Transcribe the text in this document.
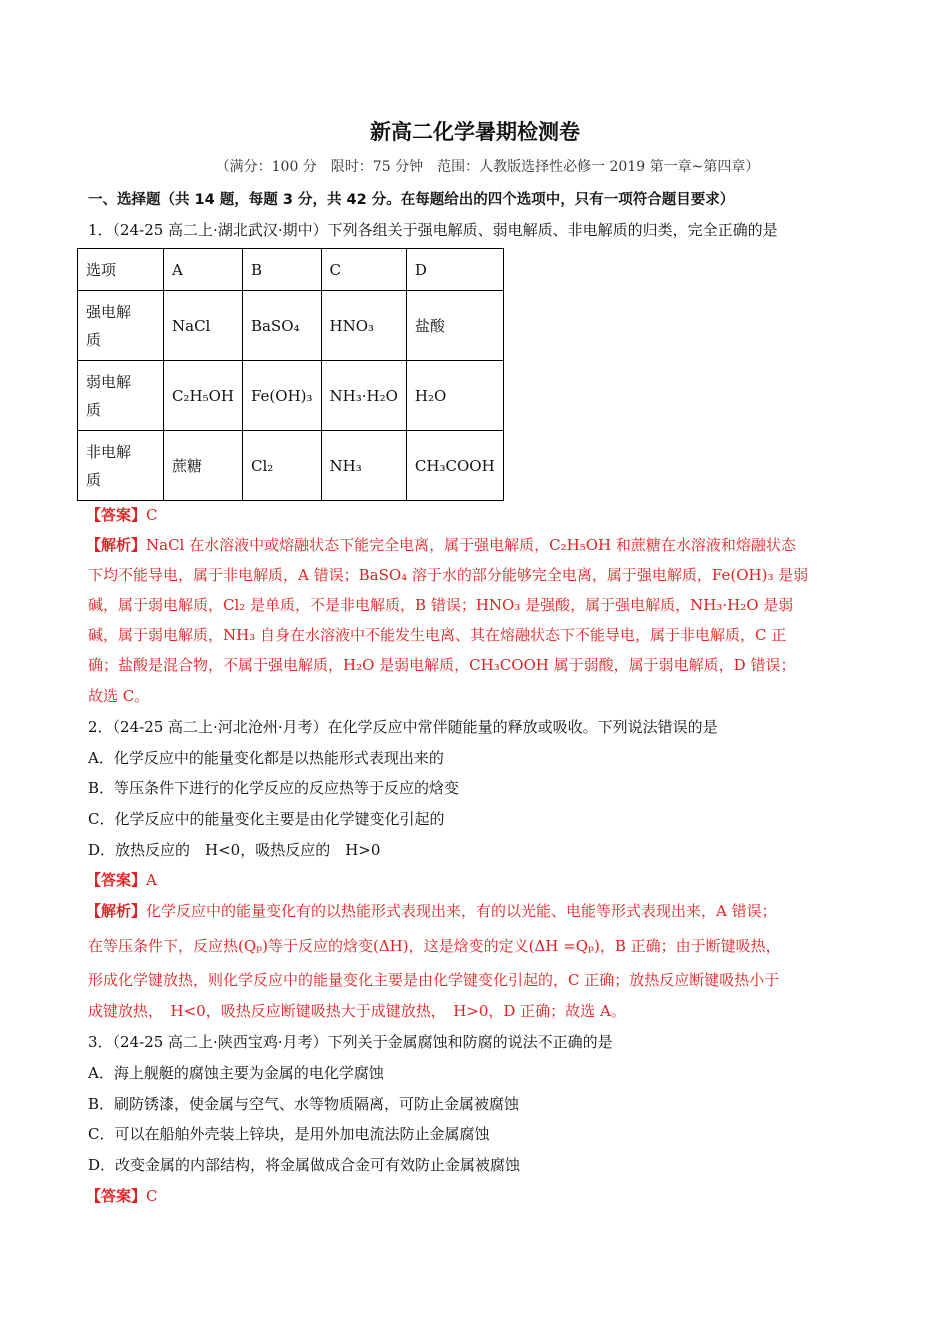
新高二化学暑期检测卷
（满分：100 分　限时：75 分钟　范围：人教版选择性必修一 2019 第一章~第四章）
一、选择题（共 14 题，每题 3 分，共 42 分。在每题给出的四个选项中，只有一项符合题目要求）
1．（24-25 高二上·湖北武汉·期中）下列各组关于强电解质、弱电解质、非电解质的归类，完全正确的是
选项	A	B	C	D
强电解
质	NaCl	BaSO₄	HNO₃	盐酸
弱电解
质	C₂H₅OH	Fe(OH)₃	NH₃·H₂O	H₂O
非电解
质	蔗糖	Cl₂	NH₃	CH₃COOH
【答案】C
【解析】NaCl 在水溶液中或熔融状态下能完全电离，属于强电解质，C₂H₅OH 和蔗糖在水溶液和熔融状态
下均不能导电，属于非电解质，A 错误；BaSO₄ 溶于水的部分能够完全电离，属于强电解质，Fe(OH)₃ 是弱
碱，属于弱电解质，Cl₂ 是单质，不是非电解质，B 错误；HNO₃ 是强酸，属于强电解质，NH₃·H₂O 是弱
碱，属于弱电解质，NH₃ 自身在水溶液中不能发生电离、其在熔融状态下不能导电，属于非电解质，C 正
确；盐酸是混合物，不属于强电解质，H₂O 是弱电解质，CH₃COOH 属于弱酸，属于弱电解质，D 错误；
故选 C。
2．（24-25 高二上·河北沧州·月考）在化学反应中常伴随能量的释放或吸收。下列说法错误的是
A．化学反应中的能量变化都是以热能形式表现出来的
B．等压条件下进行的化学反应的反应热等于反应的焓变
C．化学反应中的能量变化主要是由化学键变化引起的
D．放热反应的　H<0，吸热反应的　H>0
【答案】A
【解析】化学反应中的能量变化有的以热能形式表现出来，有的以光能、电能等形式表现出来，A 错误；
在等压条件下，反应热(Qₚ)等于反应的焓变(ΔH)，这是焓变的定义(ΔH =Qₚ)，B 正确；由于断键吸热，
形成化学键放热，则化学反应中的能量变化主要是由化学键变化引起的，C 正确；放热反应断键吸热小于
成键放热，　H<0，吸热反应断键吸热大于成键放热，　H>0，D 正确；故选 A。
3．（24-25 高二上·陕西宝鸡·月考）下列关于金属腐蚀和防腐的说法不正确的是
A．海上舰艇的腐蚀主要为金属的电化学腐蚀
B．刷防锈漆，使金属与空气、水等物质隔离，可防止金属被腐蚀
C．可以在船舶外壳装上锌块，是用外加电流法防止金属腐蚀
D．改变金属的内部结构，将金属做成合金可有效防止金属被腐蚀
【答案】C
